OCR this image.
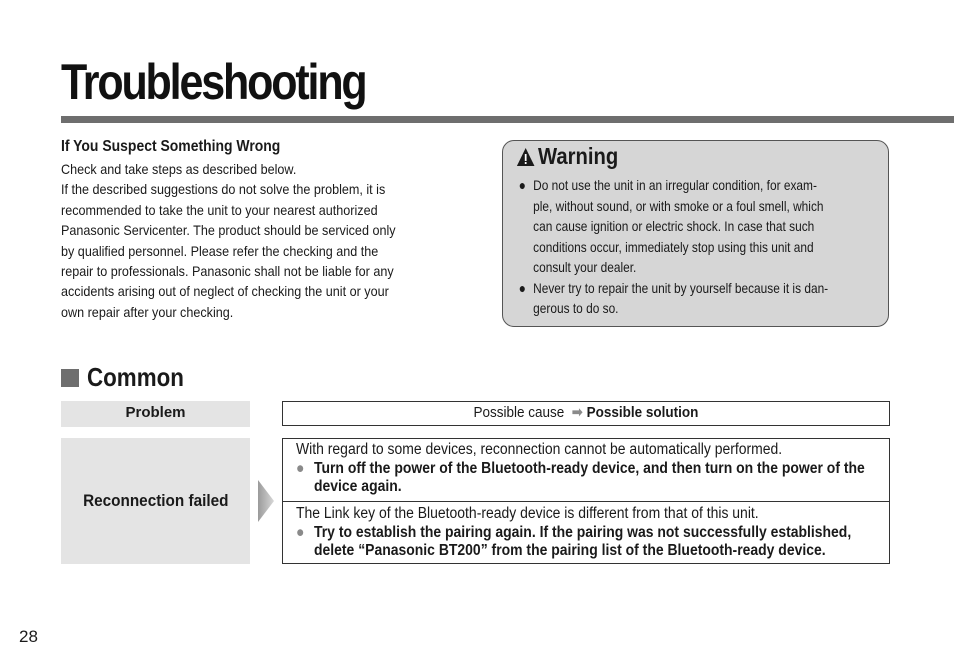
Troubleshooting

If You Suspect Something Wrong

Check and take steps as described below.
If the described suggestions do not solve the problem, it is
recommended to take the unit to your nearest authorized
Panasonic Servicenter. The product should be serviced only
by qualified personnel. Please refer the checking and the
repair to professionals. Panasonic shall not be liable for any
accidents arising out of neglect of checking the unit or your
own repair after your checking.

Warning
● Do not use the unit in an irregular condition, for exam-
ple, without sound, or with smoke or a foul smell, which
can cause ignition or electric shock. In case that such
conditions occur, immediately stop using this unit and
consult your dealer.
● Never try to repair the unit by yourself because it is dan-
gerous to do so.
Common
Problem	Possible cause ➡ Possible solution
Reconnection failed
With regard to some devices, reconnection cannot be automatically performed.
● Turn off the power of the Bluetooth-ready device, and then turn on the power of the device again.
The Link key of the Bluetooth-ready device is different from that of this unit.
● Try to establish the pairing again. If the pairing was not successfully established, delete “Panasonic BT200” from the pairing list of the Bluetooth-ready device.
28
